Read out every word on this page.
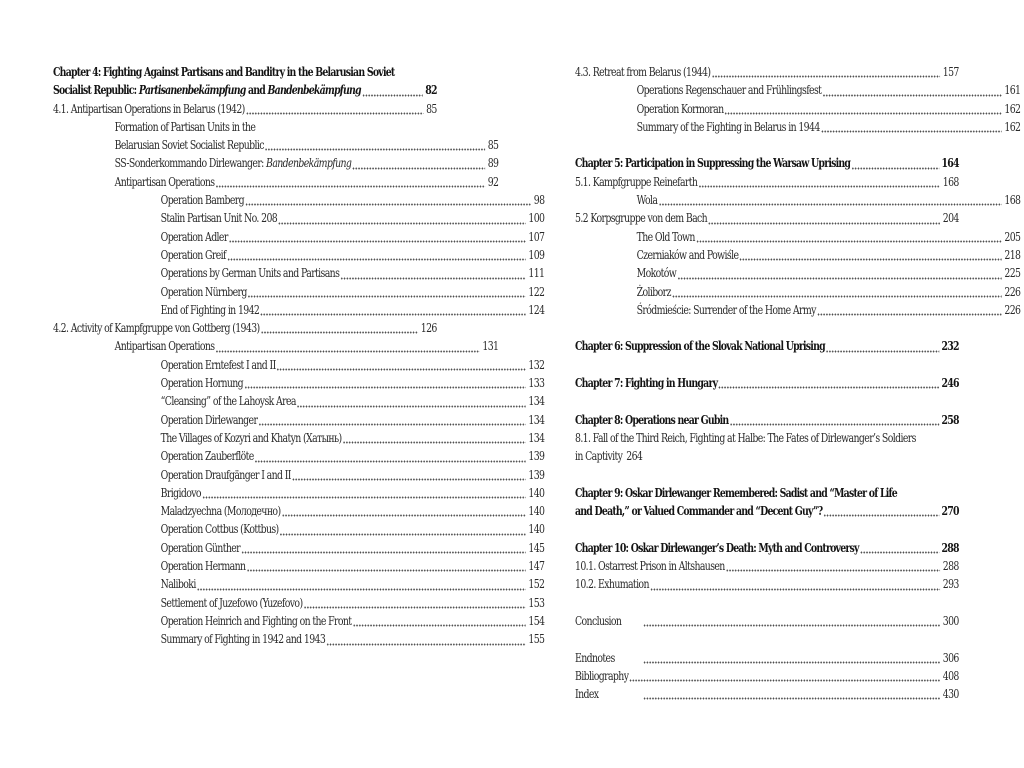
Chapter 4: Fighting Against Partisans and Banditry in the Belarusian Soviet
Socialist Republic: Partisanenbekämpfung and Bandenbekämpfung	82
4.1. Antipartisan Operations in Belarus (1942)	85
Formation of Partisan Units in the
Belarusian Soviet Socialist Republic	85
SS-Sonderkommando Dirlewanger: Bandenbekämpfung	89
Antipartisan Operations	92
Operation Bamberg	98
Stalin Partisan Unit No. 208	100
Operation Adler	107
Operation Greif	109
Operations by German Units and Partisans	111
Operation Nürnberg	122
End of Fighting in 1942	124
4.2. Activity of Kampfgruppe von Gottberg (1943)	126
Antipartisan Operations	131
Operation Erntefest I and II	132
Operation Hornung	133
“Cleansing” of the Lahoysk Area	134
Operation Dirlewanger	134
The Villages of Kozyri and Khatyn (Хатынь)	134
Operation Zauberflöte	139
Operation Draufgänger I and II	139
Brigidovo	140
Maladzyechna (Молодечно)	140
Operation Cottbus (Kottbus)	140
Operation Günther	145
Operation Hermann	147
Naliboki	152
Settlement of Juzefowo (Yuzefovo)	153
Operation Heinrich and Fighting on the Front	154
Summary of Fighting in 1942 and 1943	155
4.3. Retreat from Belarus (1944)	157
Operations Regenschauer and Frühlingsfest	161
Operation Kormoran	162
Summary of the Fighting in Belarus in 1944	162
Chapter 5: Participation in Suppressing the Warsaw Uprising	164
5.1. Kampfgruppe Reinefarth	168
Wola	168
5.2 Korpsgruppe von dem Bach	204
The Old Town	205
Czerniaków and Powiśle	218
Mokotów	225
Żoliborz	226
Śródmieście: Surrender of the Home Army	226
Chapter 6: Suppression of the Slovak National Uprising	232
Chapter 7: Fighting in Hungary	246
Chapter 8: Operations near Gubin	258
8.1. Fall of the Third Reich, Fighting at Halbe: The Fates of Dirlewanger’s Soldiers
in Captivity 264
Chapter 9: Oskar Dirlewanger Remembered: Sadist and “Master of Life
and Death,” or Valued Commander and “Decent Guy”?	270
Chapter 10: Oskar Dirlewanger’s Death: Myth and Controversy	288
10.1. Ostarrest Prison in Altshausen	288
10.2. Exhumation	293
Conclusion	300
Endnotes	306
Bibliography	408
Index	430
